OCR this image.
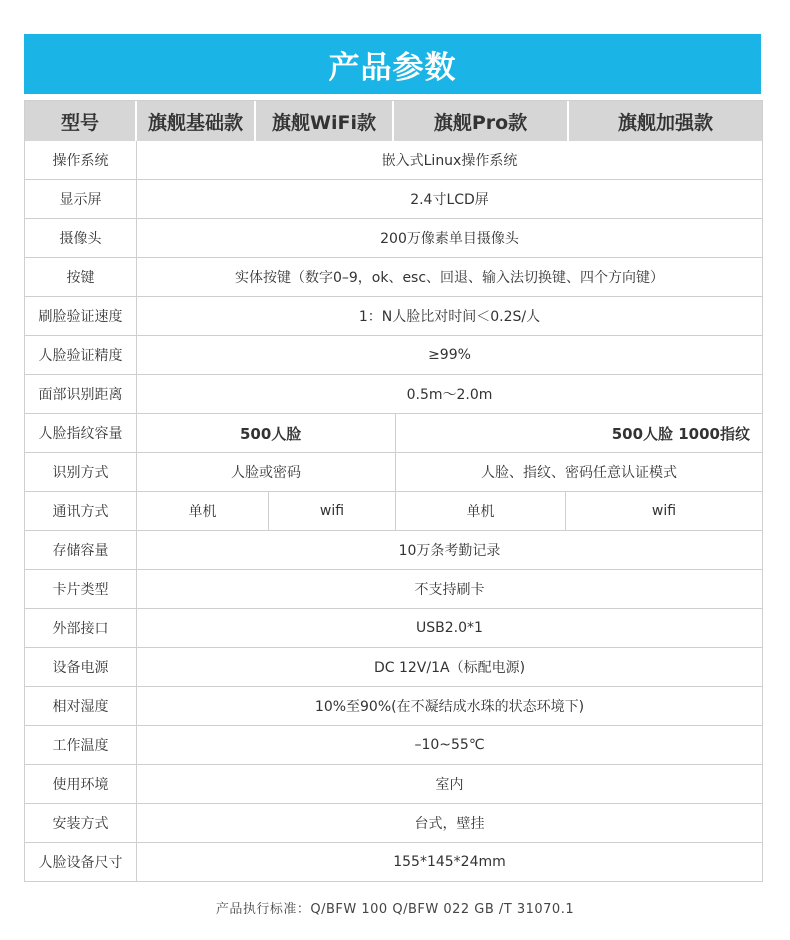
产品参数
型号	旗舰基础款	旗舰WiFi款	旗舰Pro款	旗舰加强款
操作系统	嵌入式Linux操作系统
显示屏	2.4寸LCD屏
摄像头	200万像素单目摄像头
按键	实体按键（数字0–9，ok、esc、回退、输入法切换键、四个方向键）
刷脸验证速度	1：N人脸比对时间＜0.2S/人
人脸验证精度	≥99%
面部识别距离	0.5m～2.0m
人脸指纹容量	500人脸	500人脸 1000指纹
识别方式	人脸或密码	人脸、指纹、密码任意认证模式
通讯方式	单机	wifi	单机	wifi
存储容量	10万条考勤记录
卡片类型	不支持刷卡
外部接口	USB2.0*1
设备电源	DC 12V/1A（标配电源)
相对湿度	10%至90%(在不凝结成水珠的状态环境下)
工作温度	–10~55℃
使用环境	室内
安装方式	台式，壁挂
人脸设备尺寸	155*145*24mm
产品执行标准：Q/BFW 100 Q/BFW 022 GB /T 31070.1
